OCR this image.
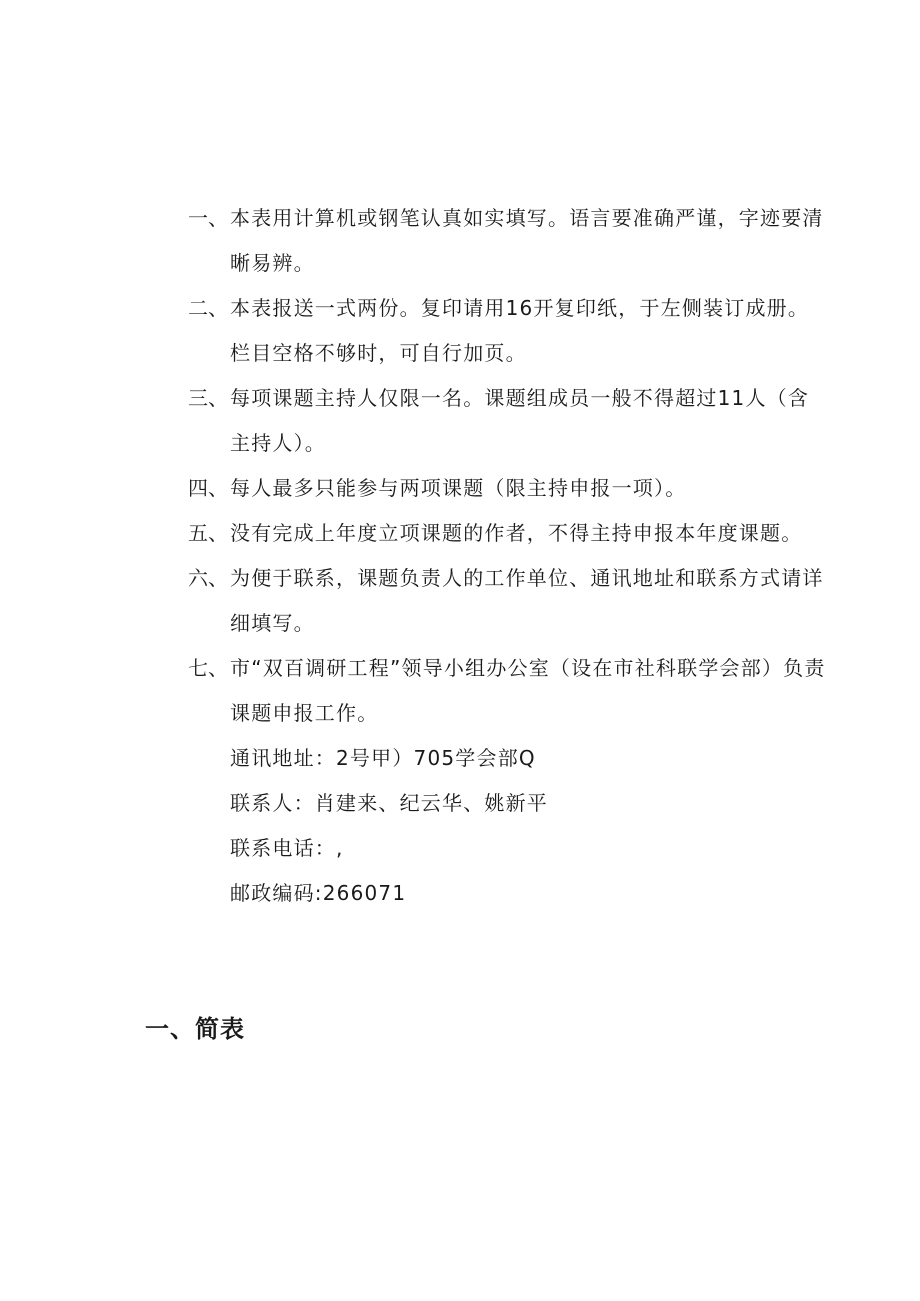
一、 本表用计算机或钢笔认真如实填写。语言要准确严谨，字迹要清晰易辨。
二、 本表报送一式两份。复印请用16开复印纸，于左侧装订成册。栏目空格不够时，可自行加页。
三、 每项课题主持人仅限一名。课题组成员一般不得超过11人（含主持人）。
四、 每人最多只能参与两项课题（限主持申报一项）。
五、 没有完成上年度立项课题的作者，不得主持申报本年度课题。
六、 为便于联系，课题负责人的工作单位、通讯地址和联系方式请详细填写。
七、 市“双百调研工程”领导小组办公室（设在市社科联学会部）负责课题申报工作。
通讯地址：2号甲）705学会部Q
联系人：肖建来、纪云华、姚新平
联系电话：,
邮政编码:266071
一、简表
